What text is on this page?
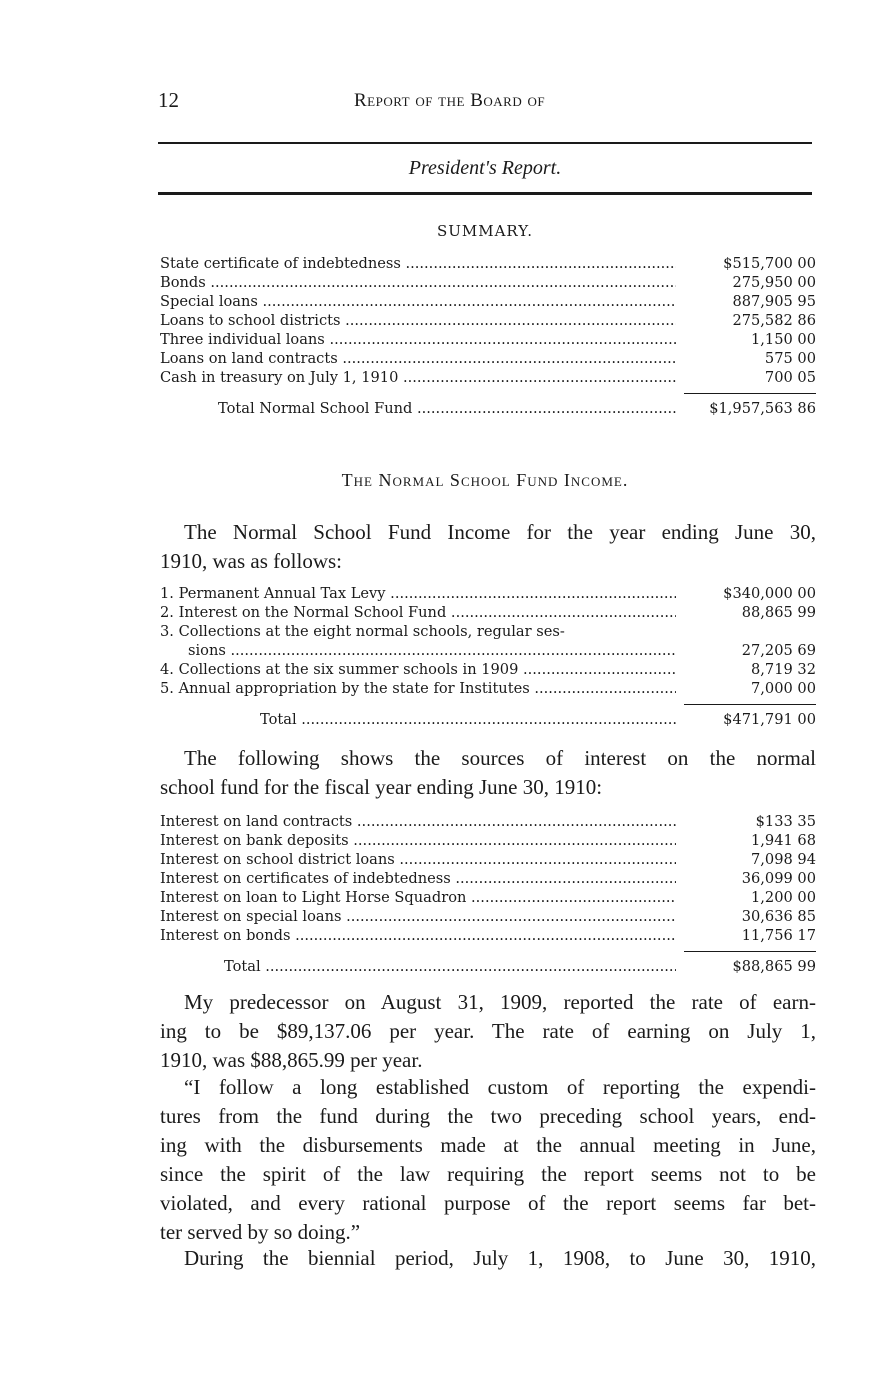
12	Report of the Board of
President's Report.
SUMMARY.
State certificate of indebtedness .....	$515,700 00
Bonds .....	275,950 00
Special loans .....	887,905 95
Loans to school districts .....	275,582 86
Three individual loans .....	1,150 00
Loans on land contracts .....	575 00
Cash in treasury on July 1, 1910 .....	700 05
Total Normal School Fund .....	$1,957,563 86
The Normal School Fund Income.
The Normal School Fund Income for the year ending June 30,
1910, was as follows:
1. Permanent Annual Tax Levy .....	$340,000 00
2. Interest on the Normal School Fund .....	88,865 99
3. Collections at the eight normal schools, regular ses-
sions .....	27,205 69
4. Collections at the six summer schools in 1909 .....	8,719 32
5. Annual appropriation by the state for Institutes .....	7,000 00
Total .....	$471,791 00
The following shows the sources of interest on the normal
school fund for the fiscal year ending June 30, 1910:
Interest on land contracts .....	$133 35
Interest on bank deposits .....	1,941 68
Interest on school district loans .....	7,098 94
Interest on certificates of indebtedness .....	36,099 00
Interest on loan to Light Horse Squadron .....	1,200 00
Interest on special loans .....	30,636 85
Interest on bonds .....	11,756 17
Total .....	$88,865 99
My predecessor on August 31, 1909, reported the rate of earn-
ing to be $89,137.06 per year. The rate of earning on July 1,
1910, was $88,865.99 per year.
“I follow a long established custom of reporting the expendi-
tures from the fund during the two preceding school years, end-
ing with the disbursements made at the annual meeting in June,
since the spirit of the law requiring the report seems not to be
violated, and every rational purpose of the report seems far bet-
ter served by so doing.”
During the biennial period, July 1, 1908, to June 30, 1910,
